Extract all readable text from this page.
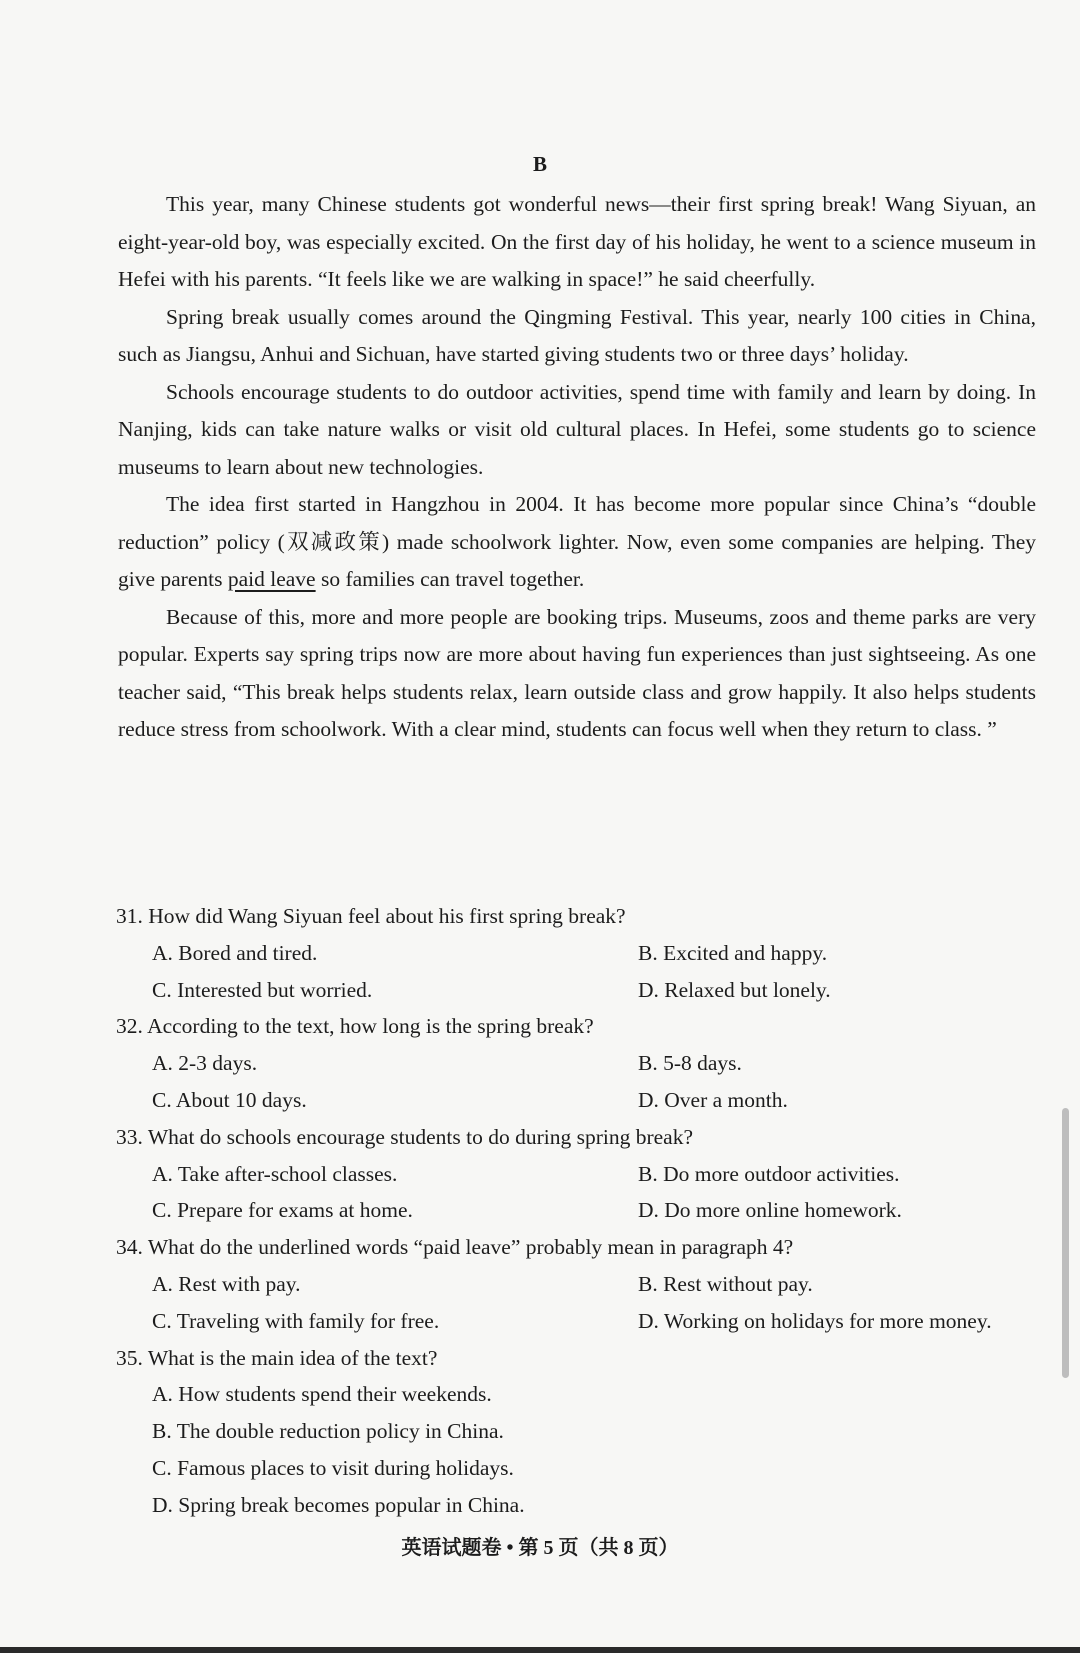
B

This year, many Chinese students got wonderful news—their first spring break! Wang Siyuan, an eight-year-old boy, was especially excited. On the first day of his holiday, he went to a science museum in Hefei with his parents. “It feels like we are walking in space!” he said cheerfully.

Spring break usually comes around the Qingming Festival. This year, nearly 100 cities in China, such as Jiangsu, Anhui and Sichuan, have started giving students two or three days’ holiday.

Schools encourage students to do outdoor activities, spend time with family and learn by doing. In Nanjing, kids can take nature walks or visit old cultural places. In Hefei, some students go to science museums to learn about new technologies.

The idea first started in Hangzhou in 2004. It has become more popular since China’s “double reduction” policy (双减政策) made schoolwork lighter. Now, even some companies are helping. They give parents paid leave so families can travel together.

Because of this, more and more people are booking trips. Museums, zoos and theme parks are very popular. Experts say spring trips now are more about having fun experiences than just sightseeing. As one teacher said, “This break helps students relax, learn outside class and grow happily. It also helps students reduce stress from schoolwork. With a clear mind, students can focus well when they return to class. ”

31. How did Wang Siyuan feel about his first spring break?
A. Bored and tired.	B. Excited and happy.
C. Interested but worried.	D. Relaxed but lonely.
32. According to the text, how long is the spring break?
A. 2-3 days.	B. 5-8 days.
C. About 10 days.	D. Over a month.
33. What do schools encourage students to do during spring break?
A. Take after-school classes.	B. Do more outdoor activities.
C. Prepare for exams at home.	D. Do more online homework.
34. What do the underlined words “paid leave” probably mean in paragraph 4?
A. Rest with pay.	B. Rest without pay.
C. Traveling with family for free.	D. Working on holidays for more money.
35. What is the main idea of the text?
A. How students spend their weekends.
B. The double reduction policy in China.
C. Famous places to visit during holidays.
D. Spring break becomes popular in China.
英语试题卷 • 第 5 页（共 8 页）
